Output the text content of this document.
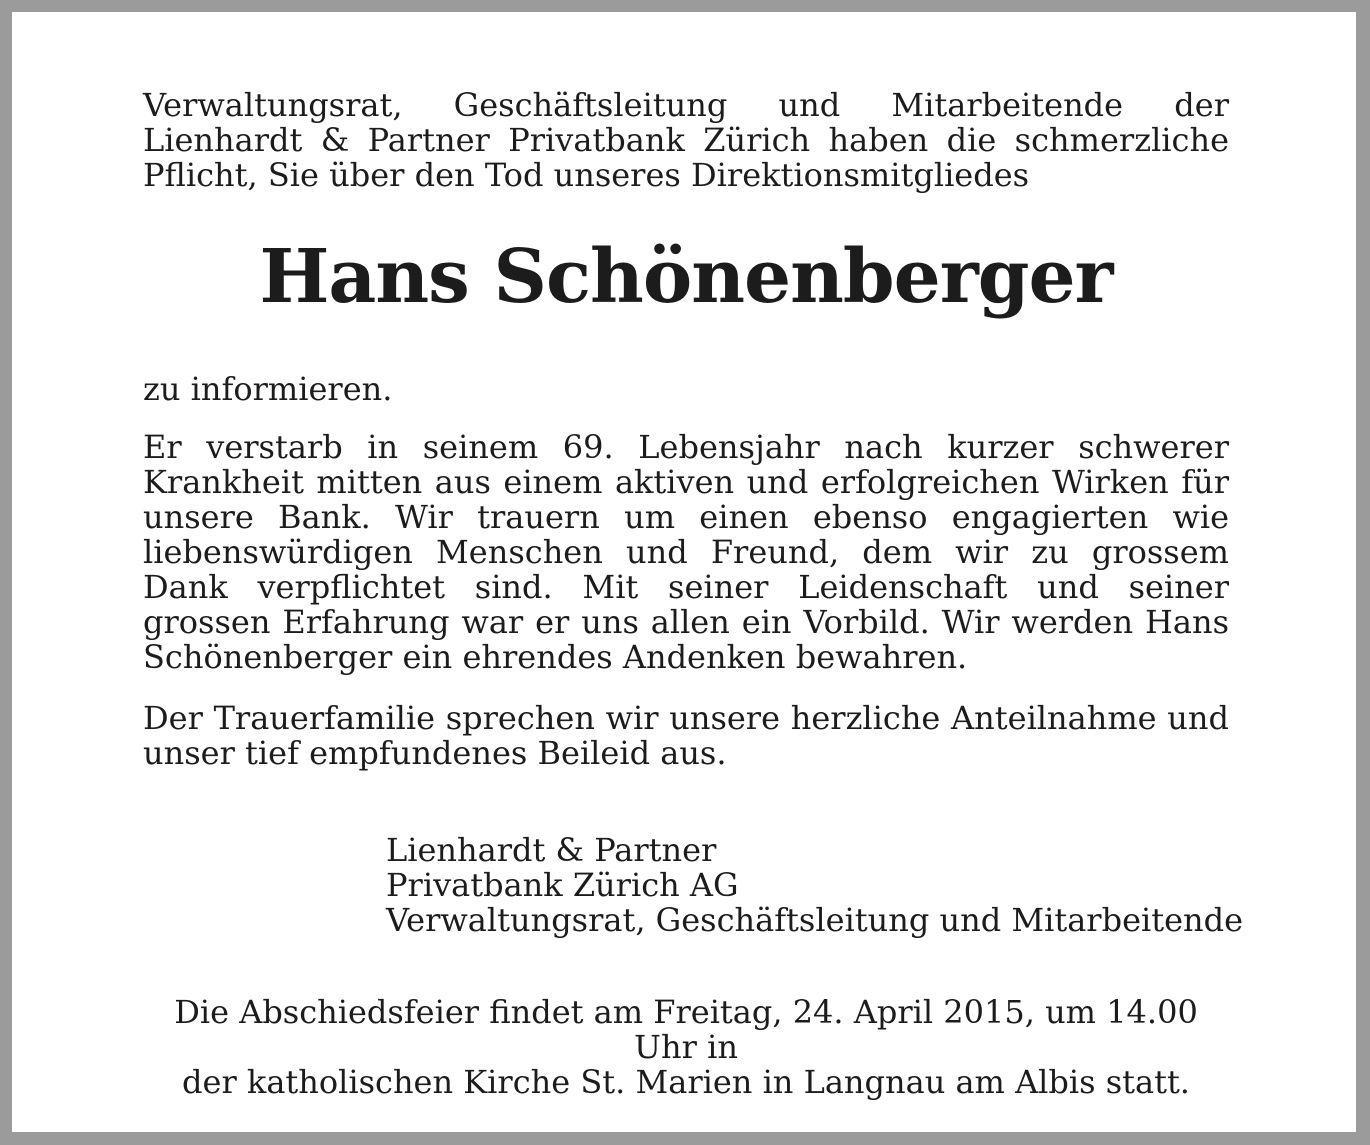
Verwaltungsrat, Geschäftsleitung und Mitarbeitende der Lienhardt & Partner Privatbank Zürich haben die schmerzliche Pflicht, Sie über den Tod unseres Direktionsmitgliedes

Hans Schönenberger

zu informieren.

Er verstarb in seinem 69. Lebensjahr nach kurzer schwerer Krankheit mitten aus einem aktiven und erfolgreichen Wirken für unsere Bank. Wir trauern um einen ebenso engagierten wie liebenswürdigen Menschen und Freund, dem wir zu grossem Dank verpflichtet sind. Mit seiner Leidenschaft und seiner grossen Erfahrung war er uns allen ein Vorbild. Wir werden Hans Schönenberger ein ehrendes Andenken bewahren.

Der Trauerfamilie sprechen wir unsere herzliche Anteilnahme und unser tief empfundenes Beileid aus.

Lienhardt & Partner
Privatbank Zürich AG
Verwaltungsrat, Geschäftsleitung und Mitarbeitende
Die Abschiedsfeier findet am Freitag, 24. April 2015, um 14.00 Uhr in
der katholischen Kirche St. Marien in Langnau am Albis statt.
